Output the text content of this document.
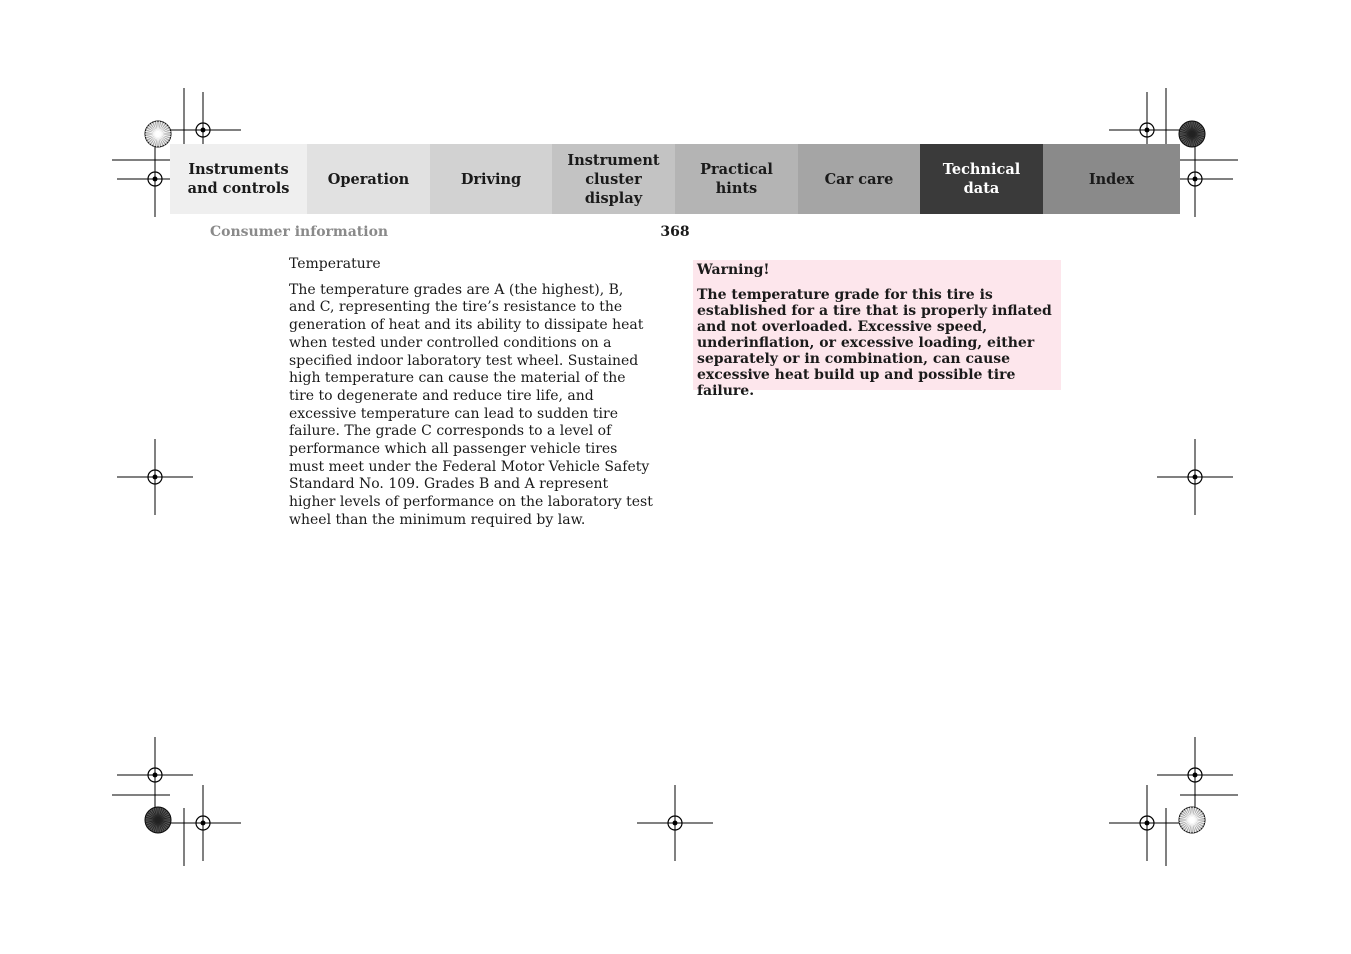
Instruments
and controls
Operation	Driving
Instrument
cluster display
Practical hints
Car care
Technical
data
Index
Consumer information	368
Temperature

The temperature grades are A (the highest), B, and C, representing the tire’s resistance to the generation of heat and its ability to dissipate heat when tested under controlled conditions on a specified indoor laboratory test wheel. Sustained high temperature can cause the material of the tire to degenerate and reduce tire life, and excessive temperature can lead to sudden tire failure. The grade C corresponds to a level of performance which all passenger vehicle tires must meet under the Federal Motor Vehicle Safety Standard No. 109. Grades B and A represent higher levels of performance on the laboratory test wheel than the minimum required by law.

Warning!
The temperature grade for this tire is established for a tire that is properly inflated and not overloaded. Excessive speed, underinflation, or excessive loading, either separately or in combination, can cause excessive heat build up and possible tire failure.
